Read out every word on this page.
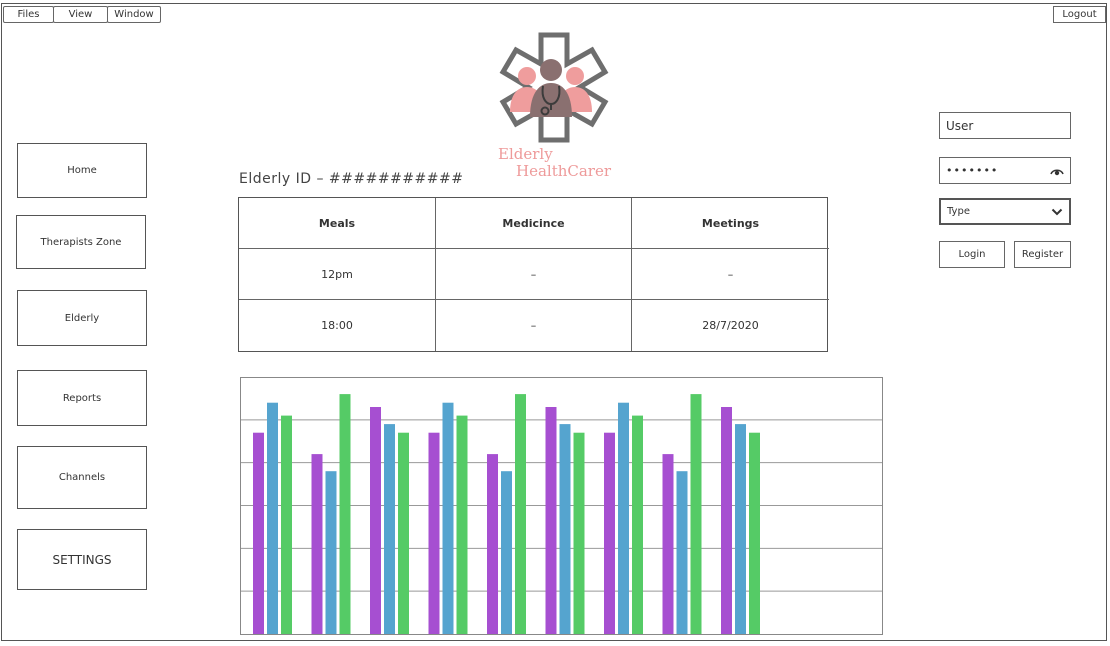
Files	View	Window	Logout
Elderly
HealthCarer
Home
Therapists Zone
Elderly
Reports
Channels
SETTINGS
Elderly ID – ###########
Meals	Medicince	Meetings
12pm	–	–
18:00	–	28/7/2020
User
•••••••
Type
Login	Register
